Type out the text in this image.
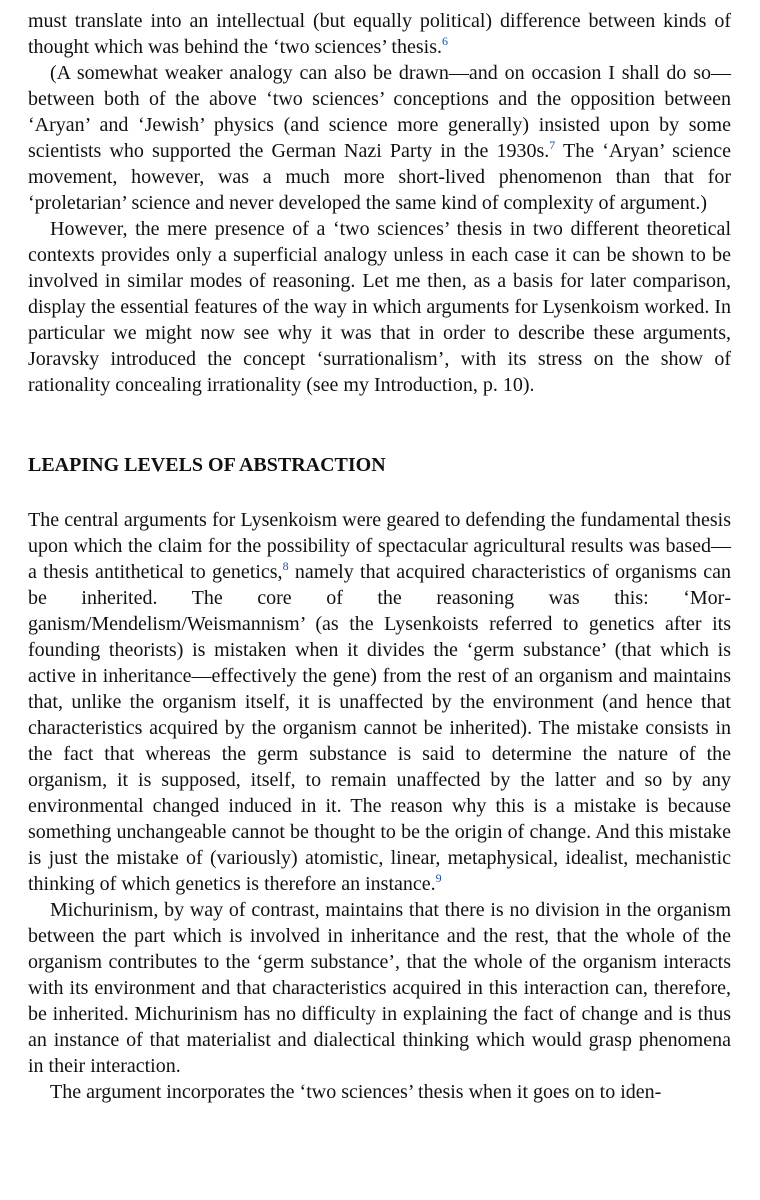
must translate into an intellectual (but equally political) difference between kinds of thought which was behind the ‘two sciences’ thesis.$^6$

(A somewhat weaker analogy can also be drawn—and on occasion I shall do so—between both of the above ‘two sciences’ conceptions and the opposition between ‘Aryan’ and ‘Jewish’ physics (and science more generally) insisted upon by some scientists who supported the German Nazi Party in the 1930s.$^7$ The ‘Aryan’ science movement, however, was a much more short-lived phenomenon than that for ‘proletarian’ science and never developed the same kind of complexity of argument.)

However, the mere presence of a ‘two sciences’ thesis in two different theoretical contexts provides only a superficial analogy unless in each case it can be shown to be involved in similar modes of reasoning. Let me then, as a basis for later comparison, display the essential features of the way in which arguments for Lysenkoism worked. In particular we might now see why it was that in order to describe these arguments, Joravsky introduced the concept ‘surrationalism’, with its stress on the show of rationality concealing irrationality (see my Introduction, p. 10).

LEAPING LEVELS OF ABSTRACTION

The central arguments for Lysenkoism were geared to defending the fundamental thesis upon which the claim for the possibility of spectacular agricultural results was based—a thesis antithetical to genetics,$^8$ namely that acquired characteristics of organisms can be inherited. The core of the reasoning was this: ‘Morganism/Mendelism/Weismannism’ (as the Lysenkoists referred to genetics after its founding theorists) is mistaken when it divides the ‘germ substance’ (that which is active in inheritance—effectively the gene) from the rest of an organism and maintains that, unlike the organism itself, it is unaffected by the environment (and hence that characteristics acquired by the organism cannot be inherited). The mistake consists in the fact that whereas the germ substance is said to determine the nature of the organism, it is supposed, itself, to remain unaffected by the latter and so by any environmental changed induced in it. The reason why this is a mistake is because something unchangeable cannot be thought to be the origin of change. And this mistake is just the mistake of (variously) atomistic, linear, metaphysical, idealist, mechanistic thinking of which genetics is therefore an instance.$^9$

Michurinism, by way of contrast, maintains that there is no division in the organism between the part which is involved in inheritance and the rest, that the whole of the organism contributes to the ‘germ substance’, that the whole of the organism interacts with its environment and that characteristics acquired in this interaction can, therefore, be inherited. Michurinism has no difficulty in explaining the fact of change and is thus an instance of that materialist and dialectical thinking which would grasp phenomena in their interaction.

The argument incorporates the ‘two sciences’ thesis when it goes on to iden-
